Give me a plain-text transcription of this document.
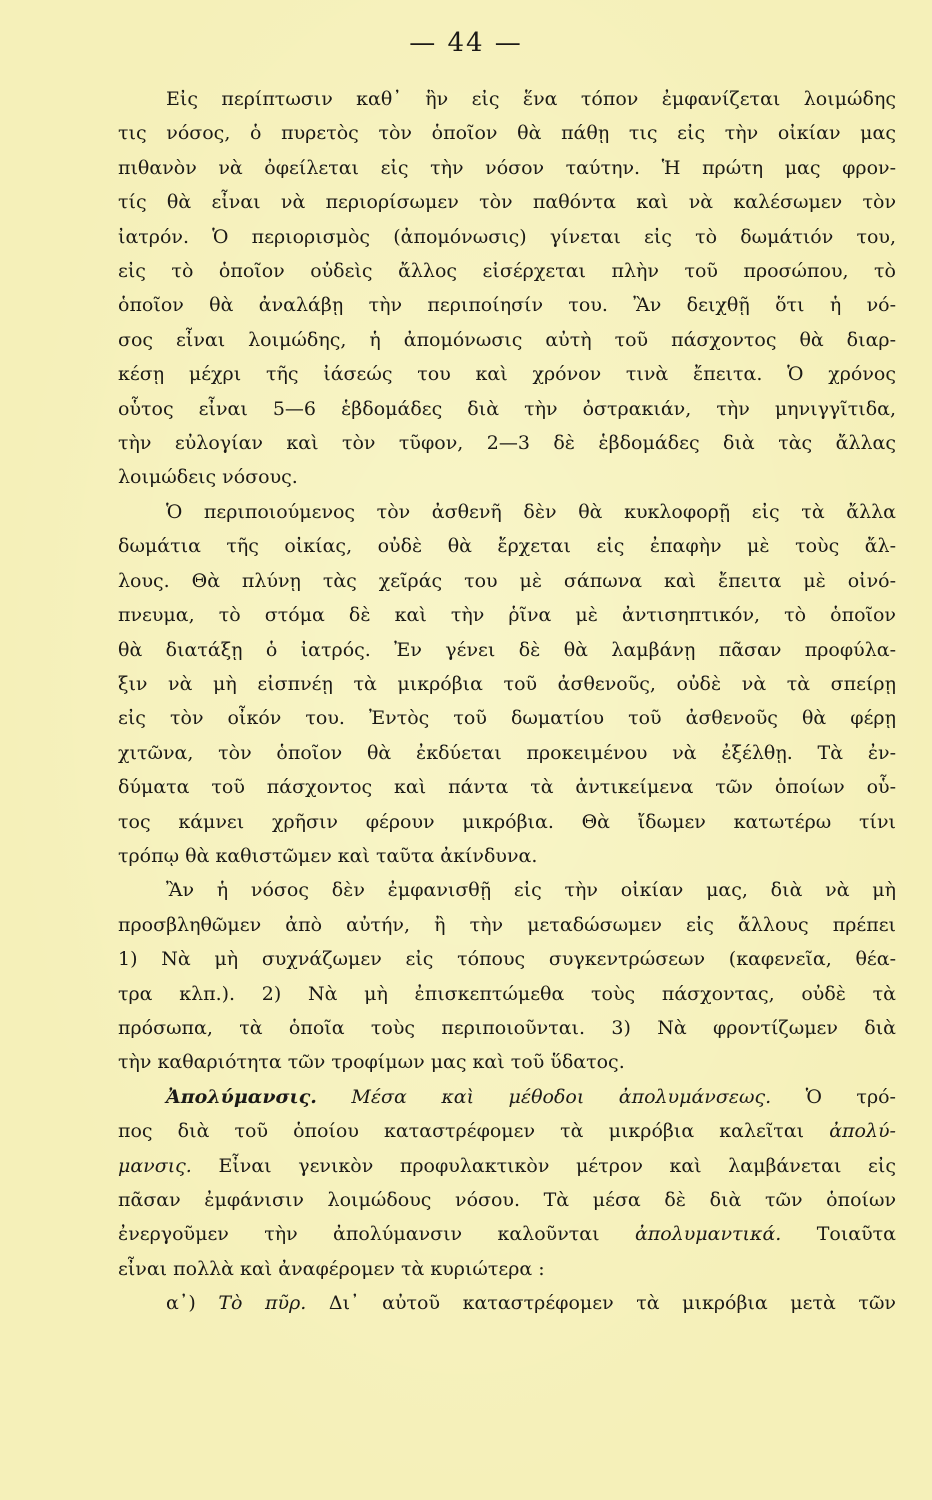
— 44 —

Εἰς περίπτωσιν καθ᾽ ἣν εἰς ἕνα τόπον ἐμφανίζεται λοιμώδης
τις νόσος, ὁ πυρετὸς τὸν ὁποῖον θὰ πάθῃ τις εἰς τὴν οἰκίαν μας
πιθανὸν νὰ ὀφείλεται εἰς τὴν νόσον ταύτην. Ἡ πρώτη μας φρον-
τίς θὰ εἶναι νὰ περιορίσωμεν τὸν παθόντα καὶ νὰ καλέσωμεν τὸν
ἰατρόν. Ὁ περιορισμὸς (ἀπομόνωσις) γίνεται εἰς τὸ δωμάτιόν του,
εἰς τὸ ὁποῖον οὐδεὶς ἄλλος εἰσέρχεται πλὴν τοῦ προσώπου, τὸ
ὁποῖον θὰ ἀναλάβῃ τὴν περιποίησίν του. Ἂν δειχθῇ ὅτι ἡ νό-
σος εἶναι λοιμώδης, ἡ ἀπομόνωσις αὐτὴ τοῦ πάσχοντος θὰ διαρ-
κέσῃ μέχρι τῆς ἰάσεώς του καὶ χρόνον τινὰ ἔπειτα. Ὁ χρόνος
οὗτος εἶναι 5—6 ἑβδομάδες διὰ τὴν ὀστρακιάν, τὴν μηνιγγῖτιδα,
τὴν εὐλογίαν καὶ τὸν τῦφον, 2—3 δὲ ἑβδομάδες διὰ τὰς ἄλλας
λοιμώδεις νόσους.

Ὁ περιποιούμενος τὸν ἀσθενῆ δὲν θὰ κυκλοφορῇ εἰς τὰ ἄλλα
δωμάτια τῆς οἰκίας, οὐδὲ θὰ ἔρχεται εἰς ἐπαφὴν μὲ τοὺς ἄλ-
λους. Θὰ πλύνῃ τὰς χεῖράς του μὲ σάπωνα καὶ ἔπειτα μὲ οἰνό-
πνευμα, τὸ στόμα δὲ καὶ τὴν ῥῖνα μὲ ἀντισηπτικόν, τὸ ὁποῖον
θὰ διατάξῃ ὁ ἰατρός. Ἐν γένει δὲ θὰ λαμβάνῃ πᾶσαν προφύλα-
ξιν νὰ μὴ εἰσπνέῃ τὰ μικρόβια τοῦ ἀσθενοῦς, οὐδὲ νὰ τὰ σπείρῃ
εἰς τὸν οἶκόν του. Ἐντὸς τοῦ δωματίου τοῦ ἀσθενοῦς θὰ φέρῃ
χιτῶνα, τὸν ὁποῖον θὰ ἐκδύεται προκειμένου νὰ ἐξέλθῃ. Τὰ ἐν-
δύματα τοῦ πάσχοντος καὶ πάντα τὰ ἀντικείμενα τῶν ὁποίων οὗ-
τος κάμνει χρῆσιν φέρουν μικρόβια. Θὰ ἴδωμεν κατωτέρω τίνι
τρόπῳ θὰ καθιστῶμεν καὶ ταῦτα ἀκίνδυνα.

Ἂν ἡ νόσος δὲν ἐμφανισθῇ εἰς τὴν οἰκίαν μας, διὰ νὰ μὴ
προσβληθῶμεν ἀπὸ αὐτήν, ἢ τὴν μεταδώσωμεν εἰς ἄλλους πρέπει
1) Νὰ μὴ συχνάζωμεν εἰς τόπους συγκεντρώσεων (καφενεῖα, θέα-
τρα κλπ.). 2) Νὰ μὴ ἐπισκεπτώμεθα τοὺς πάσχοντας, οὐδὲ τὰ
πρόσωπα, τὰ ὁποῖα τοὺς περιποιοῦνται. 3) Νὰ φροντίζωμεν διὰ
τὴν καθαριότητα τῶν τροφίμων μας καὶ τοῦ ὕδατος.

Ἀπολύμανσις. Μέσα καὶ μέθοδοι ἀπολυμάνσεως. Ὁ τρό-
πος διὰ τοῦ ὁποίου καταστρέφομεν τὰ μικρόβια καλεῖται ἀπολύ-
μανσις. Εἶναι γενικὸν προφυλακτικὸν μέτρον καὶ λαμβάνεται εἰς
πᾶσαν ἐμφάνισιν λοιμώδους νόσου. Τὰ μέσα δὲ διὰ τῶν ὁποίων
ἐνεργοῦμεν τὴν ἀπολύμανσιν καλοῦνται ἀπολυμαντικά. Τοιαῦτα
εἶναι πολλὰ καὶ ἀναφέρομεν τὰ κυριώτερα :

α᾽) Τὸ πῦρ. Δι᾽ αὐτοῦ καταστρέφομεν τὰ μικρόβια μετὰ τῶν
